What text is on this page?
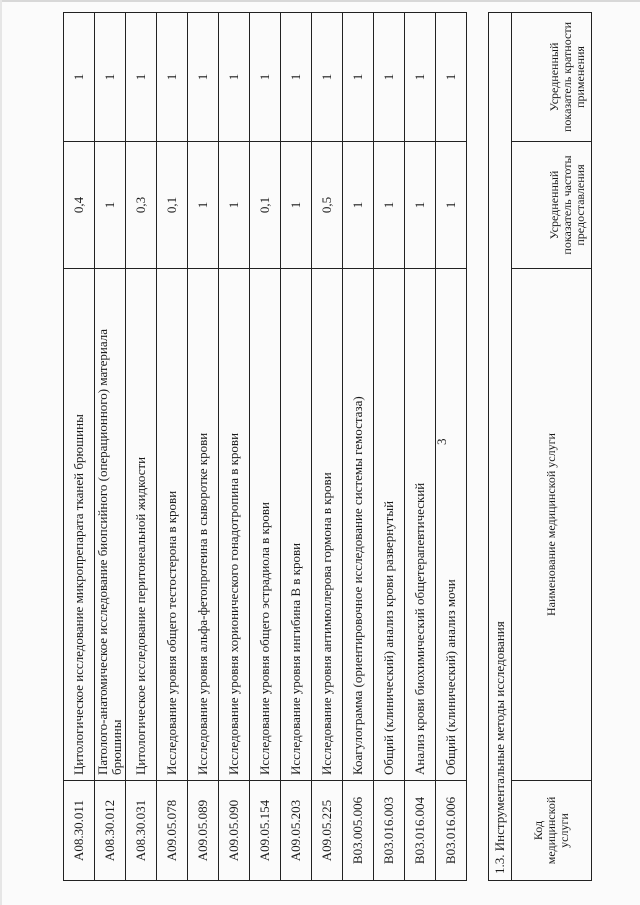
3
A08.30.011	Цитологическое исследование микропрепарата тканей брюшины	0,4	1
A08.30.012	Патолого-анатомическое исследование биопсийного (операционного) материала брюшины	1	1
A08.30.031	Цитологическое исследование перитонеальной жидкости	0,3	1
A09.05.078	Исследование уровня общего тестостерона в крови	0,1	1
A09.05.089	Исследование уровня альфа-фетопротеина в сыворотке крови	1	1
A09.05.090	Исследование уровня хорионического гонадотропина в крови	1	1
A09.05.154	Исследование уровня общего эстрадиола в крови	0,1	1
A09.05.203	Исследование уровня ингибина В в крови	1	1
A09.05.225	Исследование уровня антимюллерова гормона в крови	0,5	1
B03.005.006	Коагулограмма (ориентировочное исследование системы гемостаза)	1	1
B03.016.003	Общий (клинический) анализ крови развернутый	1	1
B03.016.004	Анализ крови биохимический общетерапевтический	1	1
B03.016.006	Общий (клинический) анализ мочи	1	1
1.3. Инструментальные методы исследования
Код медицинской услуги	Наименование медицинской услуги	Усредненный показатель частоты предоставления	Усредненный показатель кратности применения
